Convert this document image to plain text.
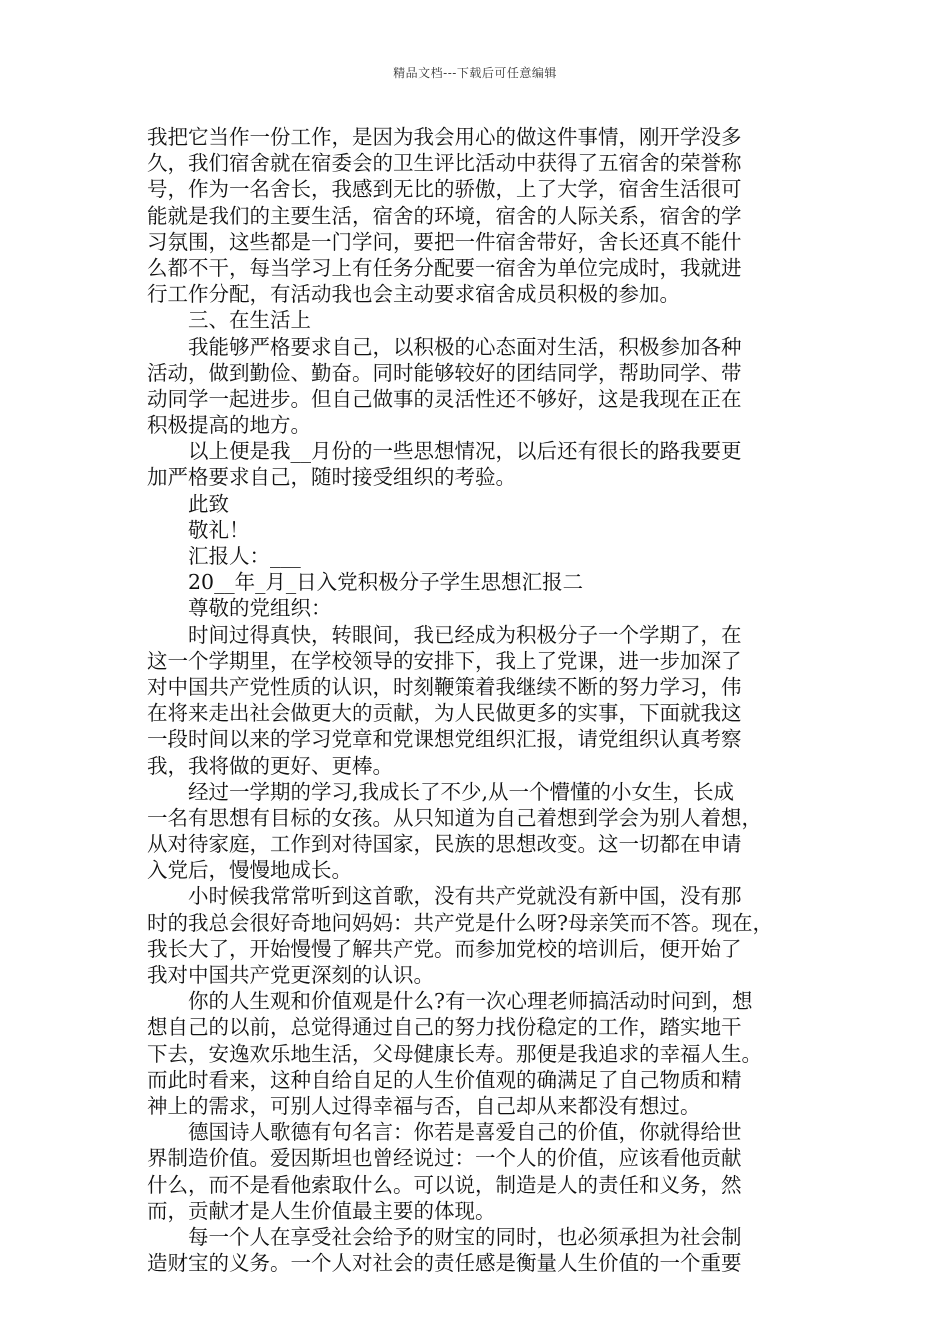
精品文档---下载后可任意编辑
我把它当作一份工作，是因为我会用心的做这件事情，刚开学没多
久，我们宿舍就在宿委会的卫生评比活动中获得了五宿舍的荣誉称
号，作为一名舍长，我感到无比的骄傲，上了大学，宿舍生活很可
能就是我们的主要生活，宿舍的环境，宿舍的人际关系，宿舍的学
习氛围，这些都是一门学问，要把一件宿舍带好，舍长还真不能什
么都不干，每当学习上有任务分配要一宿舍为单位完成时，我就进
行工作分配，有活动我也会主动要求宿舍成员积极的参加。
三、在生活上
我能够严格要求自己，以积极的心态面对生活，积极参加各种
活动，做到勤俭、勤奋。同时能够较好的团结同学，帮助同学、带
动同学一起进步。但自己做事的灵活性还不够好，这是我现在正在
积极提高的地方。
以上便是我__月份的一些思想情况，以后还有很长的路我要更
加严格要求自己，随时接受组织的考验。
此致
敬礼！
汇报人：___
20__年_月_日入党积极分子学生思想汇报二
尊敬的党组织：
时间过得真快，转眼间，我已经成为积极分子一个学期了，在
这一个学期里，在学校领导的安排下，我上了党课，进一步加深了
对中国共产党性质的认识，时刻鞭策着我继续不断的努力学习，伟
在将来走出社会做更大的贡献，为人民做更多的实事，下面就我这
一段时间以来的学习党章和党课想党组织汇报，请党组织认真考察
我，我将做的更好、更棒。
经过一学期的学习,我成长了不少,从一个懵懂的小女生，长成
一名有思想有目标的女孩。从只知道为自己着想到学会为别人着想，
从对待家庭，工作到对待国家，民族的思想改变。这一切都在申请
入党后，慢慢地成长。
小时候我常常听到这首歌，没有共产党就没有新中国，没有那
时的我总会很好奇地问妈妈：共产党是什么呀?母亲笑而不答。现在，
我长大了，开始慢慢了解共产党。而参加党校的培训后，便开始了
我对中国共产党更深刻的认识。
你的人生观和价值观是什么?有一次心理老师搞活动时问到，想
想自己的以前，总觉得通过自己的努力找份稳定的工作，踏实地干
下去，安逸欢乐地生活，父母健康长寿。那便是我追求的幸福人生。
而此时看来，这种自给自足的人生价值观的确满足了自己物质和精
神上的需求，可别人过得幸福与否，自己却从来都没有想过。
德国诗人歌德有句名言：你若是喜爱自己的价值，你就得给世
界制造价值。爱因斯坦也曾经说过：一个人的价值，应该看他贡献
什么，而不是看他索取什么。可以说，制造是人的责任和义务，然
而，贡献才是人生价值最主要的体现。
每一个人在享受社会给予的财宝的同时，也必须承担为社会制
造财宝的义务。一个人对社会的责任感是衡量人生价值的一个重要
